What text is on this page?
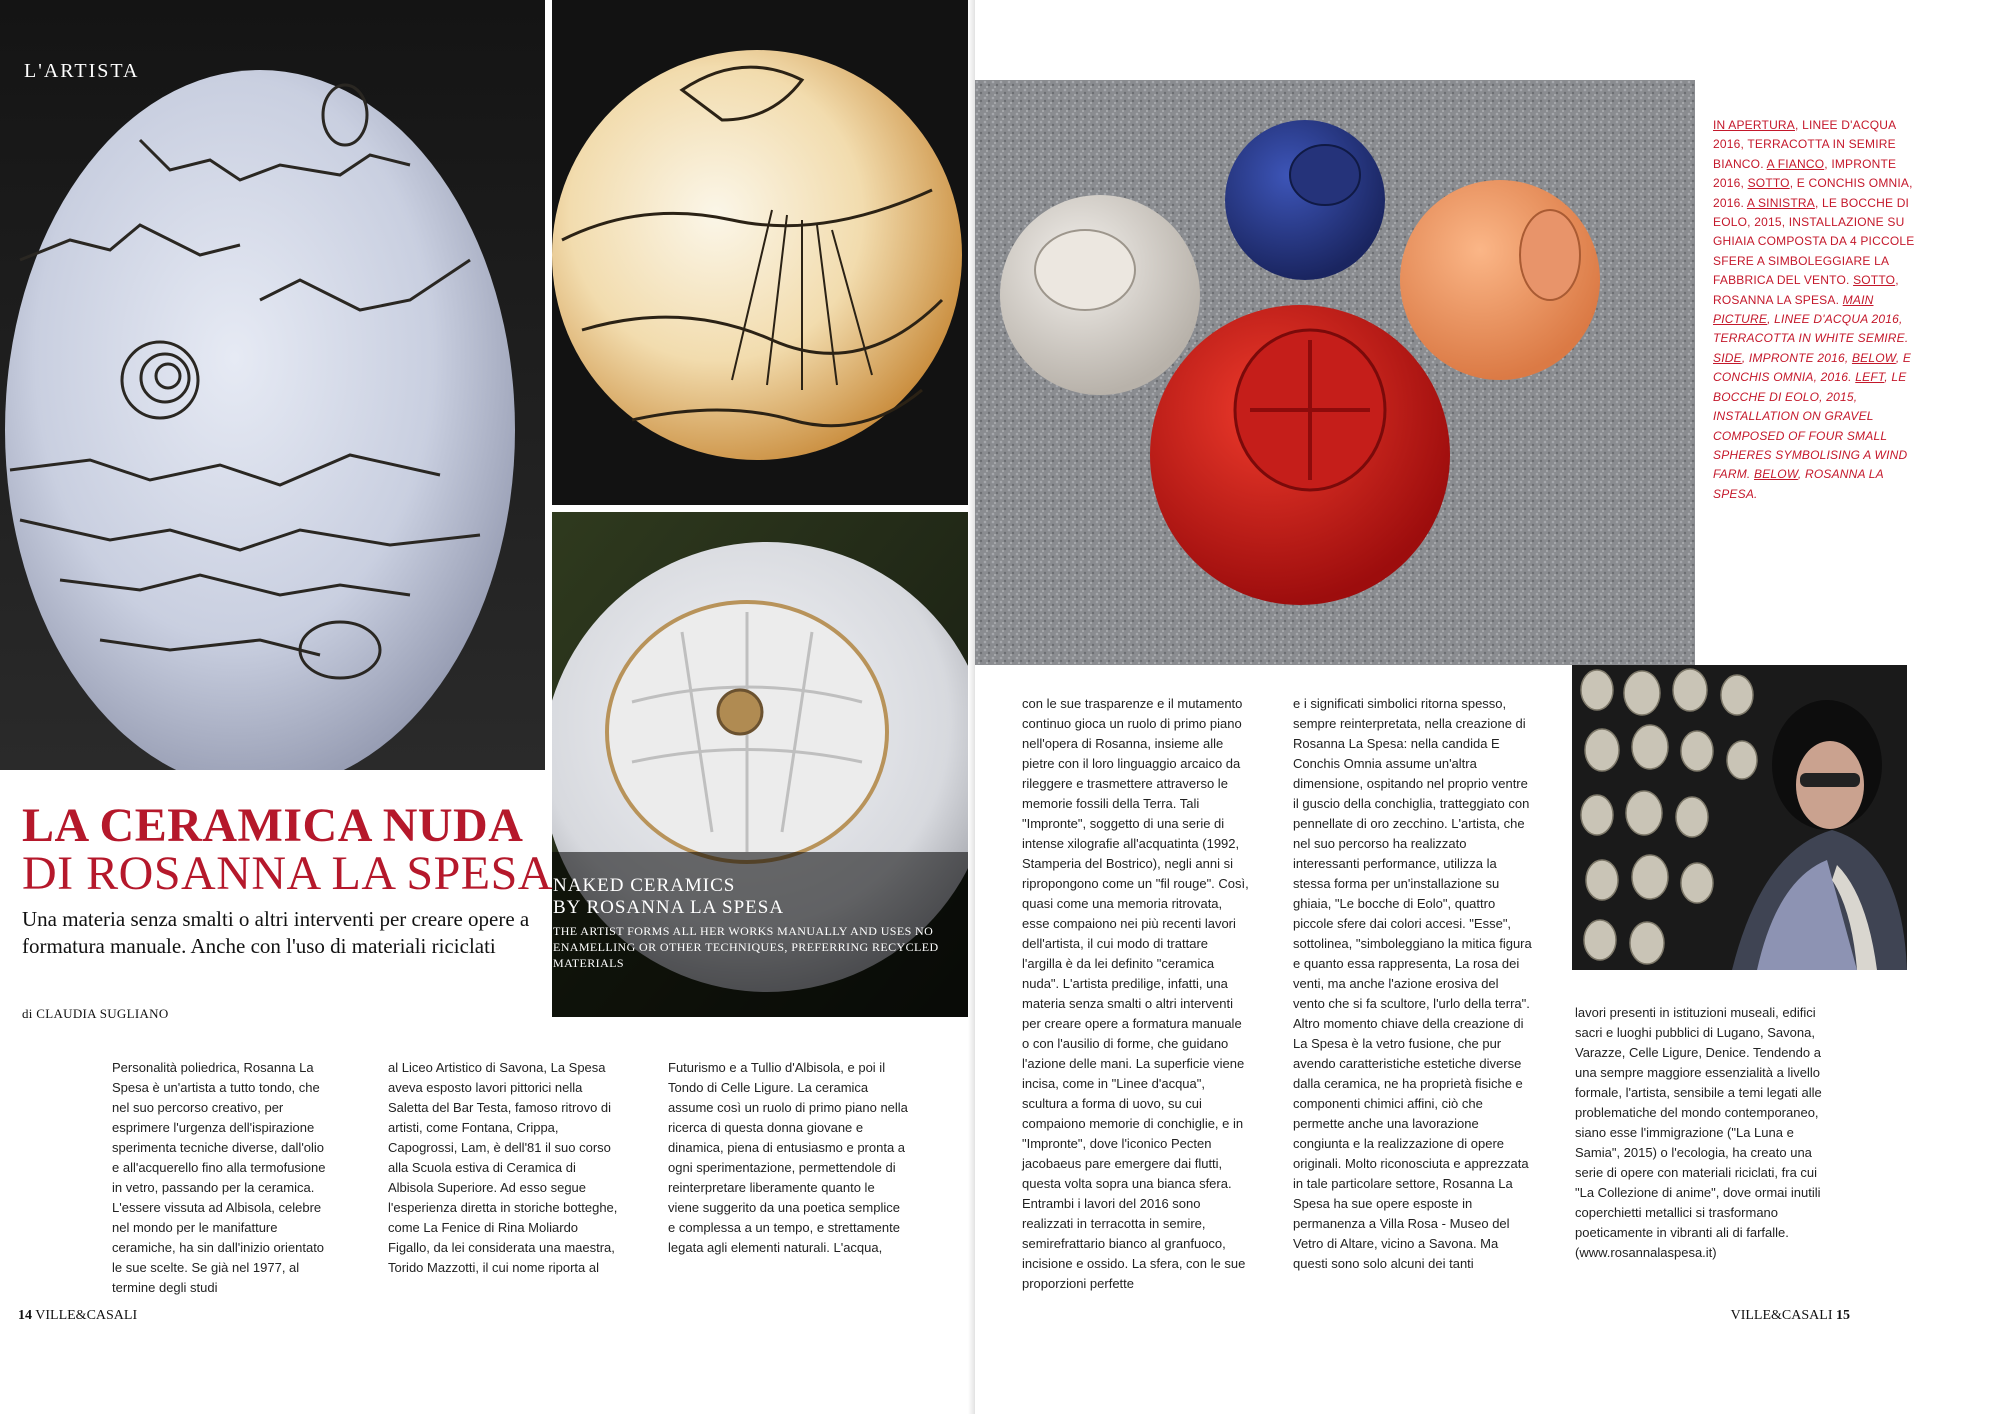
L'ARTISTA
LA CERAMICA NUDA
DI ROSANNA LA SPESA
Una materia senza smalti o altri interventi per creare opere a formatura manuale. Anche con l'uso di materiali riciclati
di CLAUDIA SUGLIANO
NAKED CERAMICS
BY ROSANNA LA SPESA
THE ARTIST FORMS ALL HER WORKS MANUALLY AND USES NO ENAMELLING OR OTHER TECHNIQUES, PREFERRING RECYCLED MATERIALS

Personalità poliedrica, Rosanna La Spesa è un'artista a tutto tondo, che nel suo percorso creativo, per esprimere l'urgenza dell'ispirazione sperimenta tecniche diverse, dall'olio e all'acquerello fino alla termofusione in vetro, passando per la ceramica. L'essere vissuta ad Albisola, celebre nel mondo per le manifatture ceramiche, ha sin dall'inizio orientato le sue scelte. Se già nel 1977, al termine degli studi

al Liceo Artistico di Savona, La Spesa aveva esposto lavori pittorici nella Saletta del Bar Testa, famoso ritrovo di artisti, come Fontana, Crippa, Capogrossi, Lam, è dell'81 il suo corso alla Scuola estiva di Ceramica di Albisola Superiore. Ad esso segue l'esperienza diretta in storiche botteghe, come La Fenice di Rina Moliardo Figallo, da lei considerata una maestra, Torido Mazzotti, il cui nome riporta al

Futurismo e a Tullio d'Albisola, e poi il Tondo di Celle Ligure. La ceramica assume così un ruolo di primo piano nella ricerca di questa donna giovane e dinamica, piena di entusiasmo e pronta a ogni sperimentazione, permettendole di reinterpretare liberamente quanto le viene suggerito da una poetica semplice e complessa a un tempo, e strettamente legata agli elementi naturali. L'acqua,

14 VILLE&CASALI
IN APERTURA, LINEE D'ACQUA 2016, TERRACOTTA IN SEMIRE BIANCO. A FIANCO, IMPRONTE 2016, SOTTO, E CONCHIS OMNIA, 2016. A SINISTRA, LE BOCCHE DI EOLO, 2015, INSTALLAZIONE SU GHIAIA COMPOSTA DA 4 PICCOLE SFERE A SIMBOLEGGIARE LA FABBRICA DEL VENTO. SOTTO, ROSANNA LA SPESA. MAIN PICTURE, LINEE D'ACQUA 2016, TERRACOTTA IN WHITE SEMIRE. SIDE, IMPRONTE 2016, BELOW, E CONCHIS OMNIA, 2016. LEFT, LE BOCCHE DI EOLO, 2015, INSTALLATION ON GRAVEL COMPOSED OF FOUR SMALL SPHERES SYMBOLISING A WIND FARM. BELOW, ROSANNA LA SPESA.

con le sue trasparenze e il mutamento continuo gioca un ruolo di primo piano nell'opera di Rosanna, insieme alle pietre con il loro linguaggio arcaico da rileggere e trasmettere attraverso le memorie fossili della Terra. Tali "Impronte", soggetto di una serie di intense xilografie all'acquatinta (1992, Stamperia del Bostrico), negli anni si ripropongono come un "fil rouge". Così, quasi come una memoria ritrovata, esse compaiono nei più recenti lavori dell'artista, il cui modo di trattare l'argilla è da lei definito "ceramica nuda". L'artista predilige, infatti, una materia senza smalti o altri interventi per creare opere a formatura manuale o con l'ausilio di forme, che guidano l'azione delle mani. La superficie viene incisa, come in "Linee d'acqua", scultura a forma di uovo, su cui compaiono memorie di conchiglie, e in "Impronte", dove l'iconico Pecten jacobaeus pare emergere dai flutti, questa volta sopra una bianca sfera. Entrambi i lavori del 2016 sono realizzati in terracotta in semire, semirefrattario bianco al granfuoco, incisione e ossido. La sfera, con le sue proporzioni perfette

e i significati simbolici ritorna spesso, sempre reinterpretata, nella creazione di Rosanna La Spesa: nella candida E Conchis Omnia assume un'altra dimensione, ospitando nel proprio ventre il guscio della conchiglia, tratteggiato con pennellate di oro zecchino. L'artista, che nel suo percorso ha realizzato interessanti performance, utilizza la stessa forma per un'installazione su ghiaia, "Le bocche di Eolo", quattro piccole sfere dai colori accesi. "Esse", sottolinea, "simboleggiano la mitica figura e quanto essa rappresenta, La rosa dei venti, ma anche l'azione erosiva del vento che si fa scultore, l'urlo della terra". Altro momento chiave della creazione di La Spesa è la vetro fusione, che pur avendo caratteristiche estetiche diverse dalla ceramica, ne ha proprietà fisiche e componenti chimici affini, ciò che permette anche una lavorazione congiunta e la realizzazione di opere originali. Molto riconosciuta e apprezzata in tale particolare settore, Rosanna La Spesa ha sue opere esposte in permanenza a Villa Rosa - Museo del Vetro di Altare, vicino a Savona. Ma questi sono solo alcuni dei tanti

lavori presenti in istituzioni museali, edifici sacri e luoghi pubblici di Lugano, Savona, Varazze, Celle Ligure, Denice. Tendendo a una sempre maggiore essenzialità a livello formale, l'artista, sensibile a temi legati alle problematiche del mondo contemporaneo, siano esse l'immigrazione ("La Luna e Samia", 2015) o l'ecologia, ha creato una serie di opere con materiali riciclati, fra cui "La Collezione di anime", dove ormai inutili coperchietti metallici si trasformano poeticamente in vibranti ali di farfalle. (www.rosannalaspesa.it)

VILLE&CASALI 15
